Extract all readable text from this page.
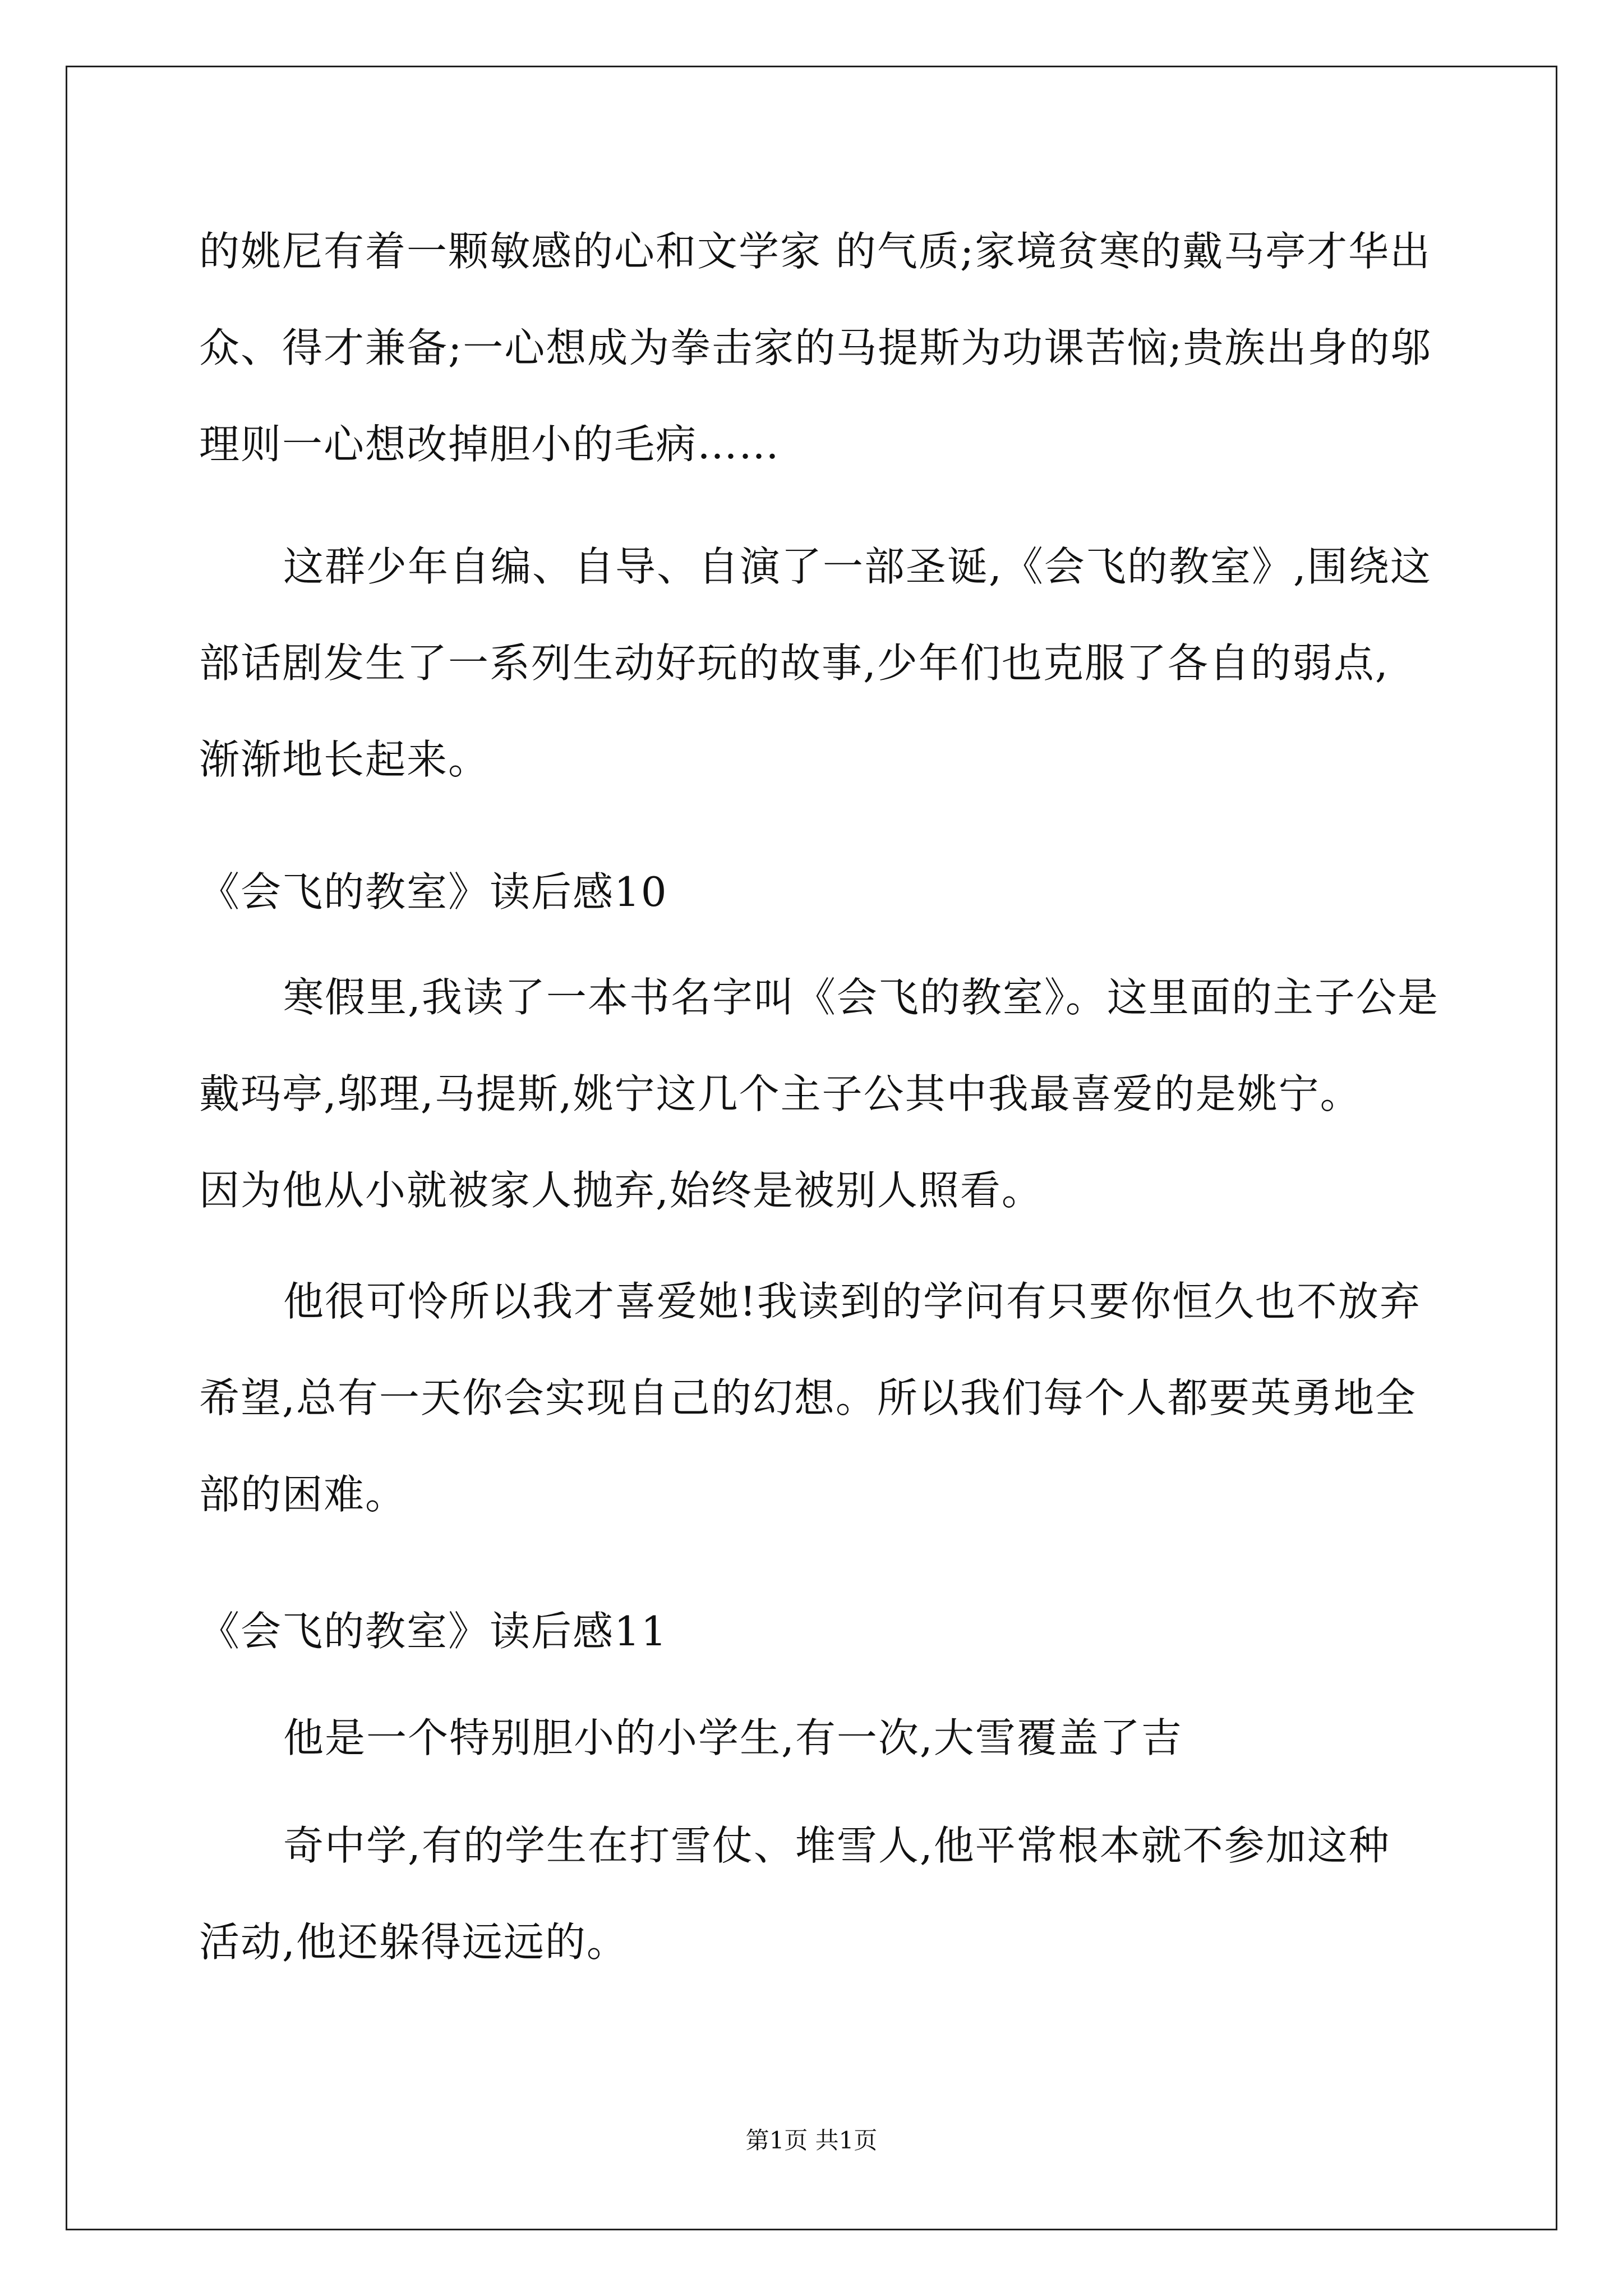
的姚尼有着一颗敏感的心和文学家 的气质;家境贫寒的戴马亭才华出
众、得才兼备;一心想成为拳击家的马提斯为功课苦恼;贵族出身的邬
理则一心想改掉胆小的毛病……
这群少年自编、自导、自演了一部圣诞,《会飞的教室》,围绕这
部话剧发生了一系列生动好玩的故事,少年们也克服了各自的弱点,
渐渐地长起来。
《会飞的教室》读后感10
寒假里,我读了一本书名字叫《会飞的教室》。这里面的主子公是
戴玛亭,邬理,马提斯,姚宁这几个主子公其中我最喜爱的是姚宁。
因为他从小就被家人抛弃,始终是被别人照看。
他很可怜所以我才喜爱她!我读到的学问有只要你恒久也不放弃
希望,总有一天你会实现自己的幻想。所以我们每个人都要英勇地全
部的困难。
《会飞的教室》读后感11
他是一个特别胆小的小学生,有一次,大雪覆盖了吉
奇中学,有的学生在打雪仗、堆雪人,他平常根本就不参加这种
活动,他还躲得远远的。
第1页 共1页
